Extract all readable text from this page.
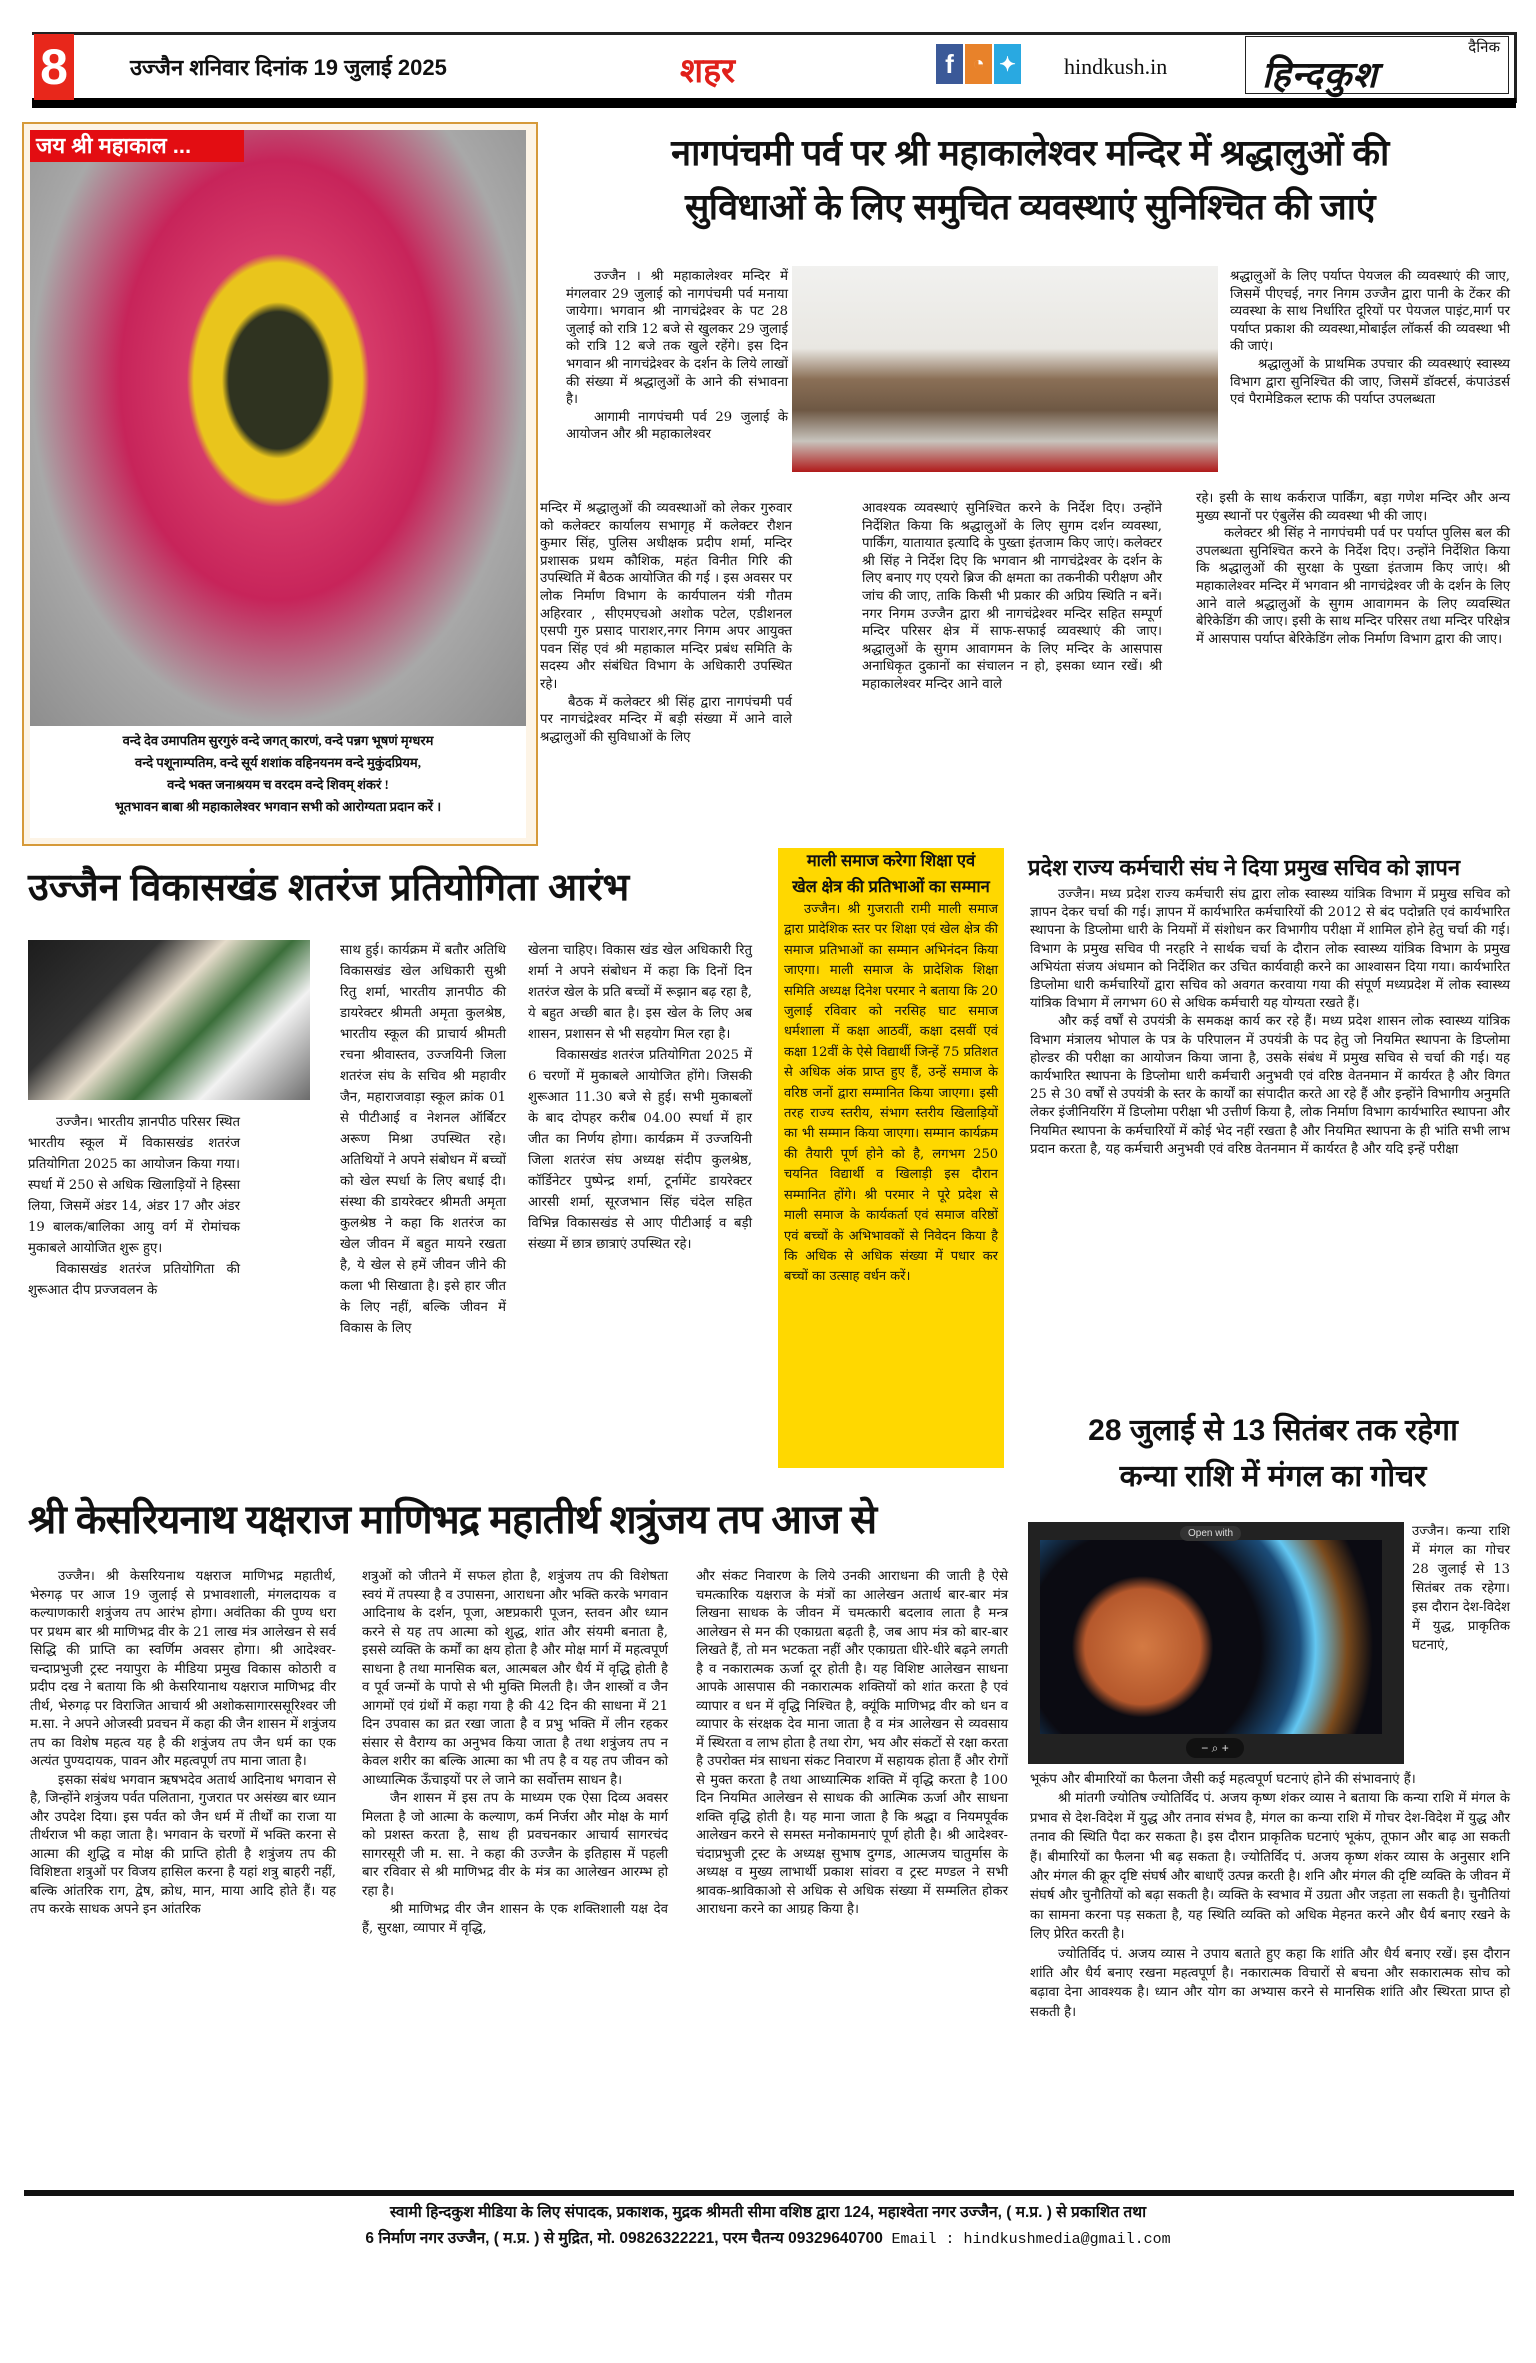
8	उज्जैन शनिवार दिनांक 19 जुलाई 2025	शहर	f ◔ ✦ hindkush.in
दैनिक
हिन्दकुश
जय श्री महाकाल ...
वन्दे देव उमापतिम सुरगुरुं वन्दे जगत् कारणं, वन्दे पन्नग भूषणं मृग्धरम
वन्दे पशूनाम्पतिम, वन्दे सूर्य शशांक वहिनयनम वन्दे मुकुंदप्रियम,
वन्दे भक्त जनाश्रयम च वरदम वन्दे शिवम् शंकरं !
भूतभावन बाबा श्री महाकालेश्वर भगवान सभी को आरोग्यता प्रदान करें ।
नागपंचमी पर्व पर श्री महाकालेश्वर मन्दिर में श्रद्धालुओं की
सुविधाओं के लिए समुचित व्यवस्थाएं सुनिश्चित की जाएं

उज्जैन । श्री महाकालेश्वर मन्दिर में मंगलवार 29 जुलाई को नागपंचमी पर्व मनाया जायेगा। भगवान श्री नागचंद्रेश्वर के पट 28 जुलाई को रात्रि 12 बजे से खुलकर 29 जुलाई को रात्रि 12 बजे तक खुले रहेंगे। इस दिन भगवान श्री नागचंद्रेश्वर के दर्शन के लिये लाखों की संख्या में श्रद्धालुओं के आने की संभावना है।

आगामी नागपंचमी पर्व 29 जुलाई के आयोजन और श्री महाकालेश्वर

मन्दिर में श्रद्धालुओं की व्यवस्थाओं को लेकर गुरुवार को कलेक्टर कार्यालय सभागृह में कलेक्टर रौशन कुमार सिंह, पुलिस अधीक्षक प्रदीप शर्मा, मन्दिर प्रशासक प्रथम कौशिक, महंत विनीत गिरि की उपस्थिति में बैठक आयोजित की गई । इस अवसर पर लोक निर्माण विभाग के कार्यपालन यंत्री गौतम अहिरवार , सीएमएचओ अशोक पटेल, एडीशनल एसपी गुरु प्रसाद पाराशर,नगर निगम अपर आयुक्त पवन सिंह एवं श्री महाकाल मन्दिर प्रबंध समिति के सदस्य और संबंधित विभाग के अधिकारी उपस्थित रहे।

बैठक में कलेक्टर श्री सिंह द्वारा नागपंचमी पर्व पर नागचंद्रेश्वर मन्दिर में बड़ी संख्या में आने वाले श्रद्धालुओं की सुविधाओं के लिए

आवश्यक व्यवस्थाएं सुनिश्चित करने के निर्देश दिए। उन्होंने निर्देशित किया कि श्रद्धालुओं के लिए सुगम दर्शन व्यवस्था, पार्किंग, यातायात इत्यादि के पुख्ता इंतजाम किए जाएं। कलेक्टर श्री सिंह ने निर्देश दिए कि भगवान श्री नागचंद्रेश्वर के दर्शन के लिए बनाए गए एयरो ब्रिज की क्षमता का तकनीकी परीक्षण और जांच की जाए, ताकि किसी भी प्रकार की अप्रिय स्थिति न बनें। नगर निगम उज्जैन द्वारा श्री नागचंद्रेश्वर मन्दिर सहित सम्पूर्ण मन्दिर परिसर क्षेत्र में साफ-सफाई व्यवस्थाएं की जाए। श्रद्धालुओं के सुगम आवागमन के लिए मन्दिर के आसपास अनाधिकृत दुकानों का संचालन न हो, इसका ध्यान रखें। श्री महाकालेश्वर मन्दिर आने वाले

श्रद्धालुओं के लिए पर्याप्त पेयजल की व्यवस्थाएं की जाए, जिसमें पीएचई, नगर निगम उज्जैन द्वारा पानी के टेंकर की व्यवस्था के साथ निर्धारित दूरियों पर पेयजल पाइंट,मार्ग पर पर्याप्त प्रकाश की व्यवस्था,मोबाईल लॉकर्स की व्यवस्था भी की जाएं।

श्रद्धालुओं के प्राथमिक उपचार की व्यवस्थाएं स्वास्थ्य विभाग द्वारा सुनिश्चित की जाए, जिसमें डॉक्टर्स, कंपाउंडर्स एवं पैरामेडिकल स्टाफ की पर्याप्त उपलब्धता

रहे। इसी के साथ कर्कराज पार्किंग, बड़ा गणेश मन्दिर और अन्य मुख्य स्थानों पर एंबुलेंस की व्यवस्था भी की जाए।

कलेक्टर श्री सिंह ने नागपंचमी पर्व पर पर्याप्त पुलिस बल की उपलब्धता सुनिश्चित करने के निर्देश दिए। उन्होंने निर्देशित किया कि श्रद्धालुओं की सुरक्षा के पुख्ता इंतजाम किए जाएं। श्री महाकालेश्वर मन्दिर में भगवान श्री नागचंद्रेश्वर जी के दर्शन के लिए आने वाले श्रद्धालुओं के सुगम आवागमन के लिए व्यवस्थित बेरिकेडिंग की जाए। इसी के साथ मन्दिर परिसर तथा मन्दिर परिक्षेत्र में आसपास पर्याप्त बेरिकेडिंग लोक निर्माण विभाग द्वारा की जाए।

उज्जैन विकासखंड शतरंज प्रतियोगिता आरंभ

उज्जैन। भारतीय ज्ञानपीठ परिसर स्थित भारतीय स्कूल में विकासखंड शतरंज प्रतियोगिता 2025 का आयोजन किया गया। स्पर्धा में 250 से अधिक खिलाड़ियों ने हिस्सा लिया, जिसमें अंडर 14, अंडर 17 और अंडर 19 बालक/बालिका आयु वर्ग में रोमांचक मुकाबले आयोजित शुरू हुए।

विकासखंड शतरंज प्रतियोगिता की शुरूआत दीप प्रज्जवलन के

साथ हुई। कार्यक्रम में बतौर अतिथि विकासखंड खेल अधिकारी सुश्री रितु शर्मा, भारतीय ज्ञानपीठ की डायरेक्टर श्रीमती अमृता कुलश्रेष्ठ, भारतीय स्कूल की प्राचार्य श्रीमती रचना श्रीवास्तव, उज्जयिनी जिला शतरंज संघ के सचिव श्री महावीर जैन, महाराजवाड़ा स्कूल क्रांक 01 से पीटीआई व नेशनल ऑर्बिटर अरूण मिश्रा उपस्थित रहे। अतिथियों ने अपने संबोधन में बच्चों को खेल स्पर्धा के लिए बधाई दी। संस्था की डायरेक्टर श्रीमती अमृता कुलश्रेष्ठ ने कहा कि शतरंज का खेल जीवन में बहुत मायने रखता है, ये खेल से हमें जीवन जीने की कला भी सिखाता है। इसे हार जीत के लिए नहीं, बल्कि जीवन में विकास के लिए

खेलना चाहिए। विकास खंड खेल अधिकारी रितु शर्मा ने अपने संबोधन में कहा कि दिनों दिन शतरंज खेल के प्रति बच्चों में रूझान बढ़ रहा है, ये बहुत अच्छी बात है। इस खेल के लिए अब शासन, प्रशासन से भी सहयोग मिल रहा है।

विकासखंड शतरंज प्रतियोगिता 2025 में 6 चरणों में मुकाबले आयोजित होंगे। जिसकी शुरूआत 11.30 बजे से हुई। सभी मुकाबलों के बाद दोपहर करीब 04.00 स्पर्धा में हार जीत का निर्णय होगा। कार्यक्रम में उज्जयिनी जिला शतरंज संघ अध्यक्ष संदीप कुलश्रेष्ठ, कॉर्डिनेटर पुष्पेन्द्र शर्मा, टूर्नामेंट डायरेक्टर आरसी शर्मा, सूरजभान सिंह चंदेल सहित विभिन्न विकासखंड से आए पीटीआई व बड़ी संख्या में छात्र छात्राएं उपस्थित रहे।

माली समाज करेगा शिक्षा एवं
खेल क्षेत्र की प्रतिभाओं का सम्मान
उज्जैन। श्री गुजराती रामी माली समाज द्वारा प्रादेशिक स्तर पर शिक्षा एवं खेल क्षेत्र की समाज प्रतिभाओं का सम्मान अभिनंदन किया जाएगा। माली समाज के प्रादेशिक शिक्षा समिति अध्यक्ष दिनेश परमार ने बताया कि 20 जुलाई रविवार को नरसिह घाट समाज धर्मशाला में कक्षा आठवीं, कक्षा दसवीं एवं कक्षा 12वीं के ऐसे विद्यार्थी जिन्हें 75 प्रतिशत से अधिक अंक प्राप्त हुए हैं, उन्हें समाज के वरिष्ठ जनों द्वारा सम्मानित किया जाएगा। इसी तरह राज्य स्तरीय, संभाग स्तरीय खिलाड़ियों का भी सम्मान किया जाएगा। सम्मान कार्यक्रम की तैयारी पूर्ण होने को है, लगभग 250 चयनित विद्यार्थी व खिलाड़ी इस दौरान सम्मानित होंगे। श्री परमार ने पूरे प्रदेश से माली समाज के कार्यकर्ता एवं समाज वरिष्ठों एवं बच्चों के अभिभावकों से निवेदन किया है कि अधिक से अधिक संख्या में पधार कर बच्चों का उत्साह वर्धन करें।
प्रदेश राज्य कर्मचारी संघ ने दिया प्रमुख सचिव को ज्ञापन

उज्जैन। मध्य प्रदेश राज्य कर्मचारी संघ द्वारा लोक स्वास्थ्य यांत्रिक विभाग में प्रमुख सचिव को ज्ञापन देकर चर्चा की गई। ज्ञापन में कार्यभारित कर्मचारियों की 2012 से बंद पदोन्नति एवं कार्यभारित स्थापना के डिप्लोमा धारी के नियमों में संशोधन कर विभागीय परीक्षा में शामिल होने हेतु चर्चा की गई। विभाग के प्रमुख सचिव पी नरहरि ने सार्थक चर्चा के दौरान लोक स्वास्थ्य यांत्रिक विभाग के प्रमुख अभियंता संजय अंधमान को निर्देशित कर उचित कार्यवाही करने का आश्वासन दिया गया। कार्यभारित डिप्लोमा धारी कर्मचारियों द्वारा सचिव को अवगत करवाया गया की संपूर्ण मध्यप्रदेश में लोक स्वास्थ्य यांत्रिक विभाग में लगभग 60 से अधिक कर्मचारी यह योग्यता रखते हैं।

और कई वर्षों से उपयंत्री के समकक्ष कार्य कर रहे हैं। मध्य प्रदेश शासन लोक स्वास्थ्य यांत्रिक विभाग मंत्रालय भोपाल के पत्र के परिपालन में उपयंत्री के पद हेतु जो नियमित स्थापना के डिप्लोमा होल्डर की परीक्षा का आयोजन किया जाना है, उसके संबंध में प्रमुख सचिव से चर्चा की गई। यह कार्यभारित स्थापना के डिप्लोमा धारी कर्मचारी अनुभवी एवं वरिष्ठ वेतनमान में कार्यरत है और विगत 25 से 30 वर्षों से उपयंत्री के स्तर के कार्यों का संपादीत करते आ रहे हैं और इन्होंने विभागीय अनुमति लेकर इंजीनियरिंग में डिप्लोमा परीक्षा भी उत्तीर्ण किया है, लोक निर्माण विभाग कार्यभारित स्थापना और नियमित स्थापना के कर्मचारियों में कोई भेद नहीं रखता है और नियमित स्थापना के ही भांति सभी लाभ प्रदान करता है, यह कर्मचारी अनुभवी एवं वरिष्ठ वेतनमान में कार्यरत है और यदि इन्हें परीक्षा

28 जुलाई से 13 सितंबर तक रहेगा
कन्या राशि में मंगल का गोचर
Open with
− ⌕ +
उज्जैन। कन्या राशि में मंगल का गोचर 28 जुलाई से 13 सितंबर तक रहेगा। इस दौरान देश-विदेश में युद्ध, प्राकृतिक घटनाएं,

भूकंप और बीमारियों का फैलना जैसी कई महत्वपूर्ण घटनाएं होने की संभावनाएं हैं।

श्री मांतगी ज्योतिष ज्योतिर्विद पं. अजय कृष्ण शंकर व्यास ने बताया कि कन्या राशि में मंगल के प्रभाव से देश-विदेश में युद्ध और तनाव संभव है, मंगल का कन्या राशि में गोचर देश-विदेश में युद्ध और तनाव की स्थिति पैदा कर सकता है। इस दौरान प्राकृतिक घटनाएं भूकंप, तूफान और बाढ़ आ सकती हैं। बीमारियों का फैलना भी बढ़ सकता है। ज्योतिर्विद पं. अजय कृष्ण शंकर व्यास के अनुसार शनि और मंगल की क्रूर दृष्टि संघर्ष और बाधाएँ उत्पन्न करती है। शनि और मंगल की दृष्टि व्यक्ति के जीवन में संघर्ष और चुनौतियों को बढ़ा सकती है। व्यक्ति के स्वभाव में उग्रता और जड़ता ला सकती है। चुनौतियां का सामना करना पड़ सकता है, यह स्थिति व्यक्ति को अधिक मेहनत करने और धैर्य बनाए रखने के लिए प्रेरित करती है।

ज्योतिर्विद पं. अजय व्यास ने उपाय बताते हुए कहा कि शांति और धैर्य बनाए रखें। इस दौरान शांति और धैर्य बनाए रखना महत्वपूर्ण है। नकारात्मक विचारों से बचना और सकारात्मक सोच को बढ़ावा देना आवश्यक है। ध्यान और योग का अभ्यास करने से मानसिक शांति और स्थिरता प्राप्त हो सकती है।

श्री केसरियनाथ यक्षराज माणिभद्र महातीर्थ शत्रुंजय तप आज से

उज्जैन। श्री केसरियनाथ यक्षराज माणिभद्र महातीर्थ, भेरुगढ़ पर आज 19 जुलाई से प्रभावशाली, मंगलदायक व कल्याणकारी शत्रुंजय तप आरंभ होगा। अवंतिका की पुण्य धरा पर प्रथम बार श्री माणिभद्र वीर के 21 लाख मंत्र आलेखन से सर्व सिद्धि की प्राप्ति का स्वर्णिम अवसर होगा। श्री आदेश्वर-चन्दाप्रभुजी ट्रस्ट नयापुरा के मीडिया प्रमुख विकास कोठारी व प्रदीप दख ने बताया कि श्री केसरियानाथ यक्षराज माणिभद्र वीर तीर्थ, भेरुगढ़ पर विराजित आचार्य श्री अशोकसागारससूरिश्वर जी म.सा. ने अपने ओजस्वी प्रवचन में कहा की जैन शासन में शत्रुंजय तप का विशेष महत्व यह है की शत्रुंजय तप जैन धर्म का एक अत्यंत पुण्यदायक, पावन और महत्वपूर्ण तप माना जाता है।

इसका संबंध भगवान ऋषभदेव अतार्थ आदिनाथ भगवान से है, जिन्होंने शत्रुंजय पर्वत पलिताना, गुजरात पर असंख्य बार ध्यान और उपदेश दिया। इस पर्वत को जैन धर्म में तीर्थों का राजा या तीर्थराज भी कहा जाता है। भगवान के चरणों में भक्ति करना से आत्मा की शुद्धि व मोक्ष की प्राप्ति होती है शत्रुंजय तप की विशिष्टता शत्रुओं पर विजय हासिल करना है यहां शत्रु बाहरी नहीं, बल्कि आंतरिक राग, द्वेष, क्रोध, मान, माया आदि होते हैं। यह तप करके साधक अपने इन आंतरिक

शत्रुओं को जीतने में सफल होता है, शत्रुंजय तप की विशेषता स्वयं में तपस्या है व उपासना, आराधना और भक्ति करके भगवान आदिनाथ के दर्शन, पूजा, अष्टप्रकारी पूजन, स्तवन और ध्यान करने से यह तप आत्मा को शुद्ध, शांत और संयमी बनाता है, इससे व्यक्ति के कर्मों का क्षय होता है और मोक्ष मार्ग में महत्वपूर्ण साधना है तथा मानसिक बल, आत्मबल और धैर्य में वृद्धि होती है व पूर्व जन्मों के पापो से भी मुक्ति मिलती है। जैन शास्त्रों व जैन आगमों एवं ग्रंथों में कहा गया है की 42 दिन की साधना में 21 दिन उपवास का व्रत रखा जाता है व प्रभु भक्ति में लीन रहकर संसार से वैराग्य का अनुभव किया जाता है तथा शत्रुंजय तप न केवल शरीर का बल्कि आत्मा का भी तप है व यह तप जीवन को आध्यात्मिक ऊँचाइयों पर ले जाने का सर्वोत्तम साधन है।

जैन शासन में इस तप के माध्यम एक ऐसा दिव्य अवसर मिलता है जो आत्मा के कल्याण, कर्म निर्जरा और मोक्ष के मार्ग को प्रशस्त करता है, साथ ही प्रवचनकार आचार्य सागरचंद सागरसूरी जी म. सा. ने कहा की उज्जैन के इतिहास में पहली बार रविवार से श्री माणिभद्र वीर के मंत्र का आलेखन आरम्भ हो रहा है।

श्री माणिभद्र वीर जैन शासन के एक शक्तिशाली यक्ष देव हैं, सुरक्षा, व्यापार में वृद्धि,

और संकट निवारण के लिये उनकी आराधना की जाती है ऐसे चमत्कारिक यक्षराज के मंत्रों का आलेखन अतार्थ बार-बार मंत्र लिखना साधक के जीवन में चमत्कारी बदलाव लाता है मन्त्र आलेखन से मन की एकाग्रता बढ़ती है, जब आप मंत्र को बार-बार लिखते हैं, तो मन भटकता नहीं और एकाग्रता धीरे-धीरे बढ़ने लगती है व नकारात्मक ऊर्जा दूर होती है। यह विशिष्ट आलेखन साधना आपके आसपास की नकारात्मक शक्तियों को शांत करता है एवं व्यापार व धन में वृद्धि निश्चित है, क्यूंकि माणिभद्र वीर को धन व व्यापार के संरक्षक देव माना जाता है व मंत्र आलेखन से व्यवसाय में स्थिरता व लाभ होता है तथा रोग, भय और संकटों से रक्षा करता है उपरोक्त मंत्र साधना संकट निवारण में सहायक होता हैं और रोगों से मुक्त करता है तथा आध्यात्मिक शक्ति में वृद्धि करता है 100 दिन नियमित आलेखन से साधक की आत्मिक ऊर्जा और साधना शक्ति वृद्धि होती है। यह माना जाता है कि श्रद्धा व नियमपूर्वक आलेखन करने से समस्त मनोकामनाएं पूर्ण होती है। श्री आदेश्वर- चंदाप्रभुजी ट्रस्ट के अध्यक्ष सुभाष दुग्गड, आत्मजय चातुर्मास के अध्यक्ष व मुख्य लाभार्थी प्रकाश सांवरा व ट्रस्ट मण्डल ने सभी श्रावक-श्राविकाओ से अधिक से अधिक संख्या में सम्मलित होकर आराधना करने का आग्रह किया है।

स्वामी हिन्दकुश मीडिया के लिए संपादक, प्रकाशक, मुद्रक श्रीमती सीमा वशिष्ठ द्वारा 124, महाश्वेता नगर उज्जैन, ( म.प्र. ) से प्रकाशित तथा
6 निर्माण नगर उज्जैन, ( म.प्र. ) से मुद्रित, मो. 09826322221, परम चैतन्य 09329640700 Email : hindkushmedia@gmail.com
